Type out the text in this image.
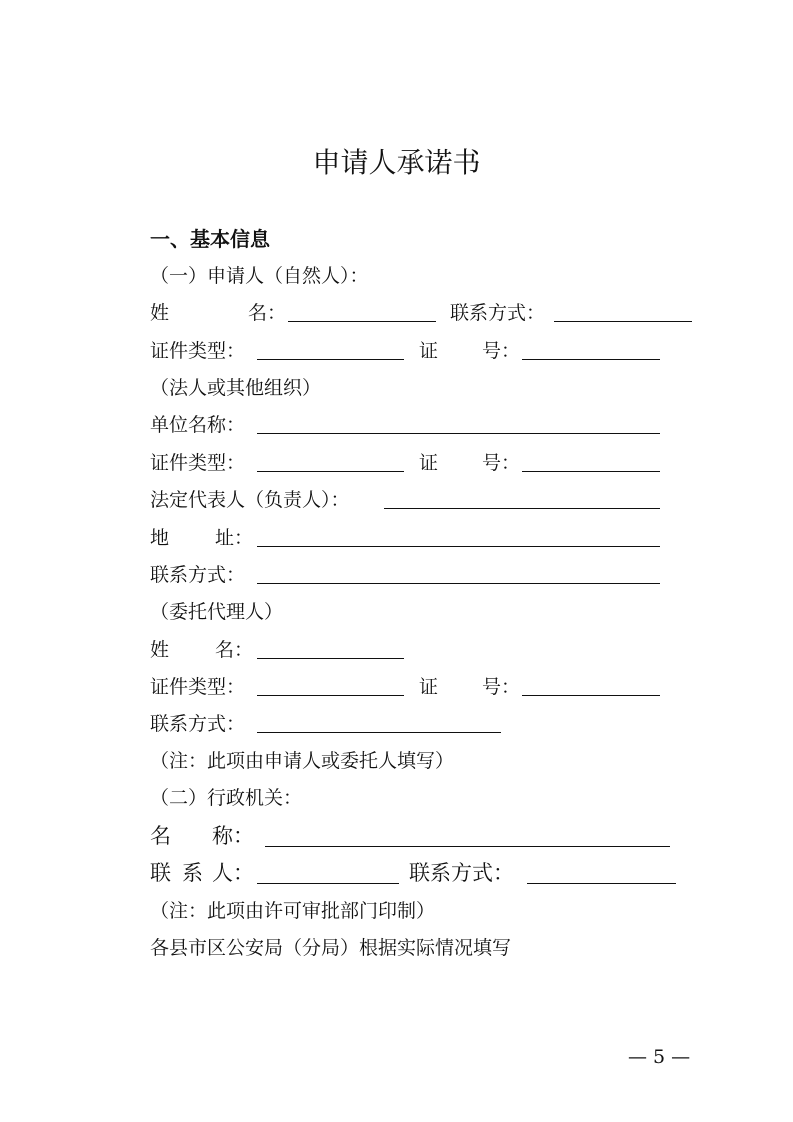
申请人承诺书
一、基本信息
（一）申请人（自然人）：
姓	名：	联系方式：
证件类型：	证 号：
（法人或其他组织）
单位名称：
证件类型：	证 号：
法定代表人（负责人）：
地 址：
联系方式：
（委托代理人）
姓 名：
证件类型：	证 号：
联系方式：
（注：此项由申请人或委托人填写）
（二）行政机关：
名 称：
联 系 人：	联系方式：
（注：此项由许可审批部门印制）
各县市区公安局（分局）根据实际情况填写
— 5 —
